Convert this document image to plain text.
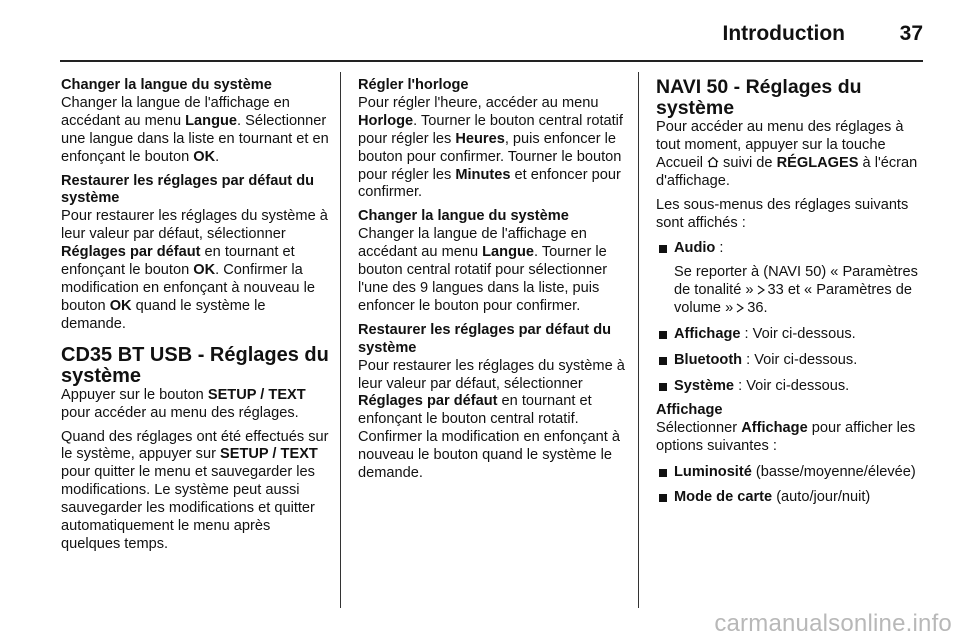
Introduction	37
Changer la langue du système

Changer la langue de l'affichage en accédant au menu Langue. Sélectionner une langue dans la liste en tournant et en enfonçant le bouton OK.

Restaurer les réglages par défaut du système

Pour restaurer les réglages du système à leur valeur par défaut, sélectionner Réglages par défaut en tournant et enfonçant le bouton OK. Confirmer la modification en enfonçant à nouveau le bouton OK quand le système le demande.

CD35 BT USB - Réglages du système

Appuyer sur le bouton SETUP / TEXT pour accéder au menu des réglages.

Quand des réglages ont été effectués sur le système, appuyer sur SETUP / TEXT pour quitter le menu et sauvegarder les modifications. Le système peut aussi sauvegarder les modifications et quitter automatiquement le menu après quelques temps.

Régler l'horloge

Pour régler l'heure, accéder au menu Horloge. Tourner le bouton central rotatif pour régler les Heures, puis enfoncer le bouton pour confirmer. Tourner le bouton pour régler les Minutes et enfoncer pour confirmer.

Changer la langue du système

Changer la langue de l'affichage en accédant au menu Langue. Tourner le bouton central rotatif pour sélectionner l'une des 9 langues dans la liste, puis enfoncer le bouton pour confirmer.

Restaurer les réglages par défaut du système

Pour restaurer les réglages du système à leur valeur par défaut, sélectionner Réglages par défaut en tournant et enfonçant le bouton central rotatif. Confirmer la modification en enfonçant à nouveau le bouton quand le système le demande.

NAVI 50 - Réglages du système

Pour accéder au menu des réglages à tout moment, appuyer sur la touche Accueil suivi de RÉGLAGES à l'écran d'affichage.

Les sous-menus des réglages suivants sont affichés :

Audio :
Se reporter à (NAVI 50) « Paramètres de tonalité » 33 et « Paramètres de volume » 36.
Affichage : Voir ci-dessous.
Bluetooth : Voir ci-dessous.
Système : Voir ci-dessous.
Affichage

Sélectionner Affichage pour afficher les options suivantes :

Luminosité (basse/moyenne/élevée)
Mode de carte (auto/jour/nuit)
carmanualsonline.info
